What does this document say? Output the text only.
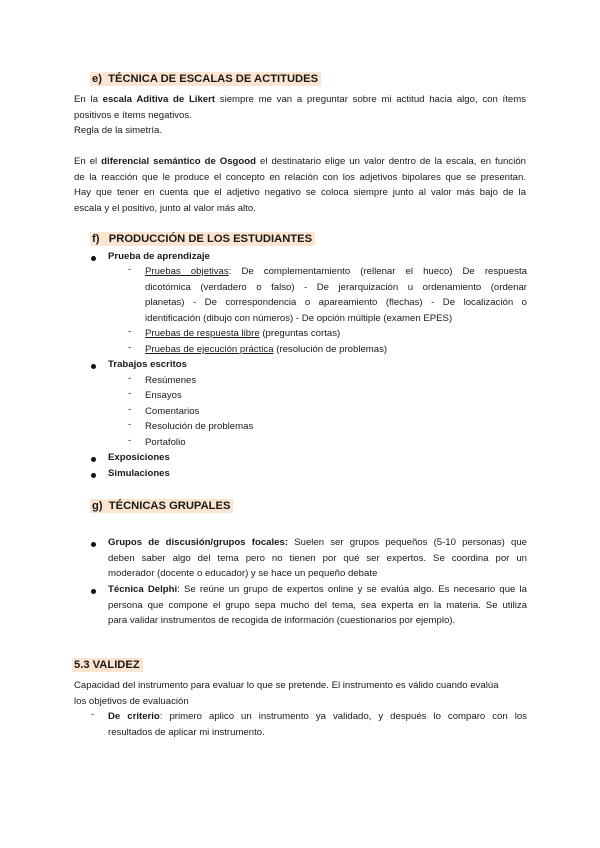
e) TÉCNICA DE ESCALAS DE ACTITUDES

En la escala Aditiva de Likert siempre me van a preguntar sobre mi actitud hacia algo, con ítems
positivos e ítems negativos.
Regla de la simetría.

En el diferencial semántico de Osgood el destinatario elige un valor dentro de la escala, en función
de la reacción que le produce el concepto en relación con los adjetivos bipolares que se presentan.
Hay que tener en cuenta que el adjetivo negativo se coloca siempre junto al valor más bajo de la
escala y el positivo, junto al valor más alto.

f) PRODUCCIÓN DE LOS ESTUDIANTES
Prueba de aprendizaje
- Pruebas objetivas: De complementamiento (rellenar el hueco) De respuesta
dicotómica (verdadero o falso) - De jerarquización u ordenamiento (ordenar
planetas) - De correspondencia o apareamiento (flechas) - De localización o
identificación (dibujo con números) - De opción múltiple (examen EPES)
- Pruebas de respuesta libre (preguntas cortas)
- Pruebas de ejecución práctica (resolución de problemas)
Trabajos escritos
- Resúmenes
- Ensayos
- Comentarios
- Resolución de problemas
- Portafolio
Exposiciones
Simulaciones
g) TÉCNICAS GRUPALES
Grupos de discusión/grupos focales: Suelen ser grupos pequeños (5-10 personas) que
deben saber algo del tema pero no tienen por qué ser expertos. Se coordina por un
moderador (docente o educador) y se hace un pequeño debate
Técnica Delphi: Se reúne un grupo de expertos online y se evalúa algo. Es necesario que la
persona que compone el grupo sepa mucho del tema, sea experta en la materia. Se utiliza
para validar instrumentos de recogida de información (cuestionarios por ejemplo).
5.3 VALIDEZ

Capacidad del instrumento para evaluar lo que se pretende. El instrumento es válido cuando evalúa
los objetivos de evaluación

- De criterio: primero aplico un instrumento ya validado, y después lo comparo con los
resultados de aplicar mi instrumento.
